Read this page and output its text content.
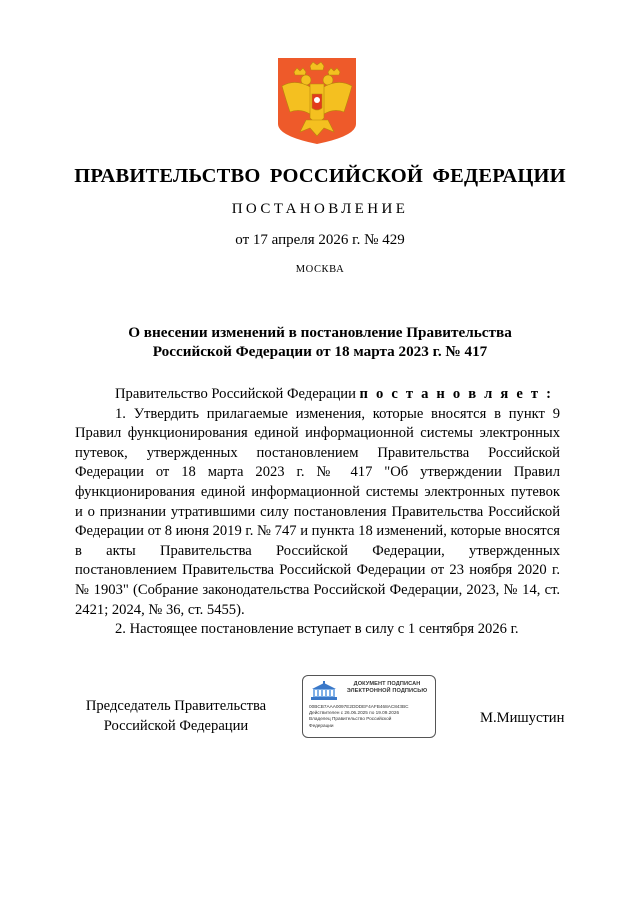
ПРАВИТЕЛЬСТВО РОССИЙСКОЙ ФЕДЕРАЦИИ
ПОСТАНОВЛЕНИЕ
от 17 апреля 2026 г. № 429
МОСКВА
О внесении изменений в постановление Правительства
Российской Федерации от 18 марта 2023 г. № 417

Правительство Российской Федерации п о с т а н о в л я е т :

1. Утвердить прилагаемые изменения, которые вносятся в пункт 9 Правил функционирования единой информационной системы электронных путевок, утвержденных постановлением Правительства Российской Федерации от 18 марта 2023 г. № 417 "Об утверждении Правил функционирования единой информационной системы электронных путевок и о признании утратившими силу постановления Правительства Российской Федерации от 8 июня 2019 г. № 747 и пункта 18 изменений, которые вносятся в акты Правительства Российской Федерации, утвержденных постановлением Правительства Российской Федерации от 23 ноября 2020 г. № 1903" (Собрание законодательства Российской Федерации, 2023, № 14, ст. 2421; 2024, № 36, ст. 5455).

2. Настоящее постановление вступает в силу с 1 сентября 2026 г.

Председатель Правительства
Российской Федерации
ДОКУМЕНТ ПОДПИСАН
ЭЛЕКТРОННОЙ ПОДПИСЬЮ
00BCB7AAA0097E2DDDEF4AFB468AC843BC
Действителен с 26.06.2025 по 19.09.2026
Владелец Правительство Российской
Федерации	М.Мишустин
